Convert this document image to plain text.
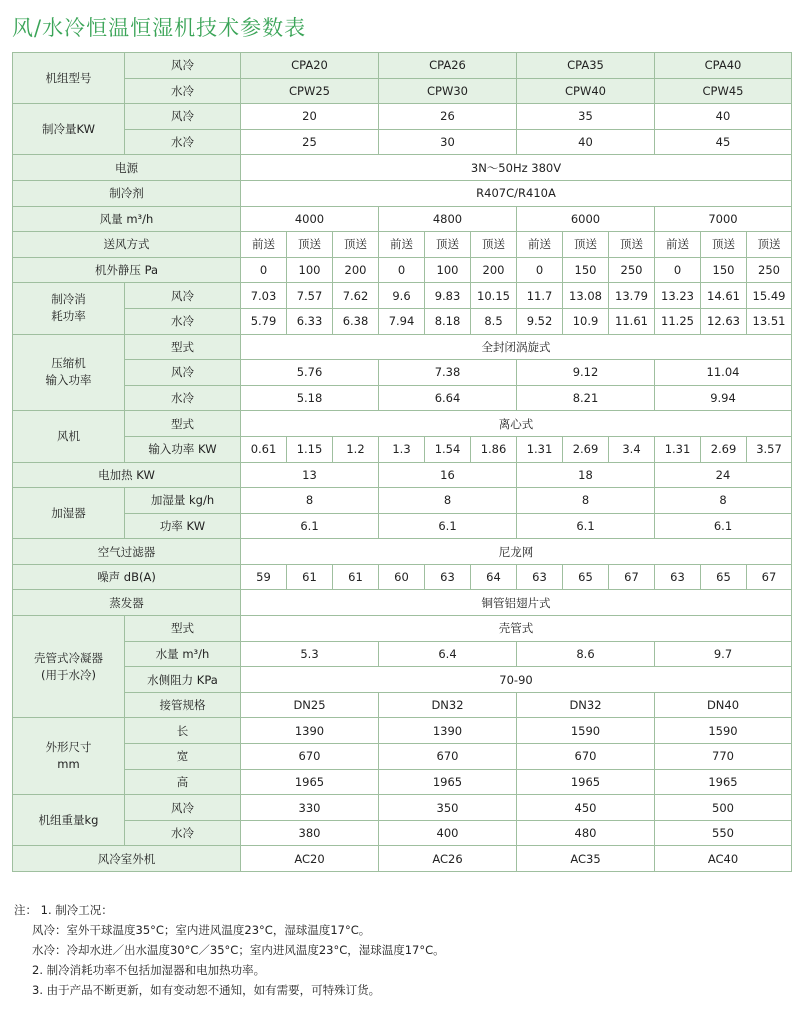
风/水冷恒温恒湿机技术参数表
机组型号	风冷	CPA20			CPA26			CPA35			CPA40		
	水冷	CPW25			CPW30			CPW40			CPW45		
制冷量KW	风冷	20			26			35			40		
	水冷	25			30			40			45		
电源		3N～50Hz 380V											
制冷剂		R407C/R410A											
风量 m³/h		4000			4800			6000			7000		
送风方式		前送	顶送	顶送	前送	顶送	顶送	前送	顶送	顶送	前送	顶送	顶送
机外静压 Pa		0	100	200	0	100	200	0	150	250	0	150	250
制冷消
耗功率	风冷	7.03	7.57	7.62	9.6	9.83	10.15	11.7	13.08	13.79	13.23	14.61	15.49
	水冷	5.79	6.33	6.38	7.94	8.18	8.5	9.52	10.9	11.61	11.25	12.63	13.51
压缩机
输入功率	型式	全封闭涡旋式											
	风冷	5.76			7.38			9.12			11.04		
	水冷	5.18			6.64			8.21			9.94		
风机	型式	离心式											
	输入功率 KW	0.61	1.15	1.2	1.3	1.54	1.86	1.31	2.69	3.4	1.31	2.69	3.57
电加热 KW		13			16			18			24		
加湿器	加湿量 kg/h	8			8			8			8		
	功率 KW	6.1			6.1			6.1			6.1		
空气过滤器		尼龙网											
噪声 dB(A)		59	61	61	60	63	64	63	65	67	63	65	67
蒸发器		铜管铝翅片式											
壳管式冷凝器
(用于水冷)	型式	壳管式											
	水量 m³/h	5.3			6.4			8.6			9.7		
	水侧阻力 KPa	70-90											
	接管规格	DN25			DN32			DN32			DN40		
外形尺寸
mm	长	1390			1390			1590			1590		
	宽	670			670			670			770		
	高	1965			1965			1965			1965		
机组重量kg	风冷	330			350			450			500		
	水冷	380			400			480			550		
风冷室外机		AC20			AC26			AC35			AC40		
注： 1. 制冷工况：
风冷：室外干球温度35°C；室内进风温度23°C，湿球温度17°C。
水冷：冷却水进／出水温度30°C／35°C；室内进风温度23°C，湿球温度17°C。
2. 制冷消耗功率不包括加湿器和电加热功率。
3. 由于产品不断更新，如有变动恕不通知，如有需要，可特殊订货。
